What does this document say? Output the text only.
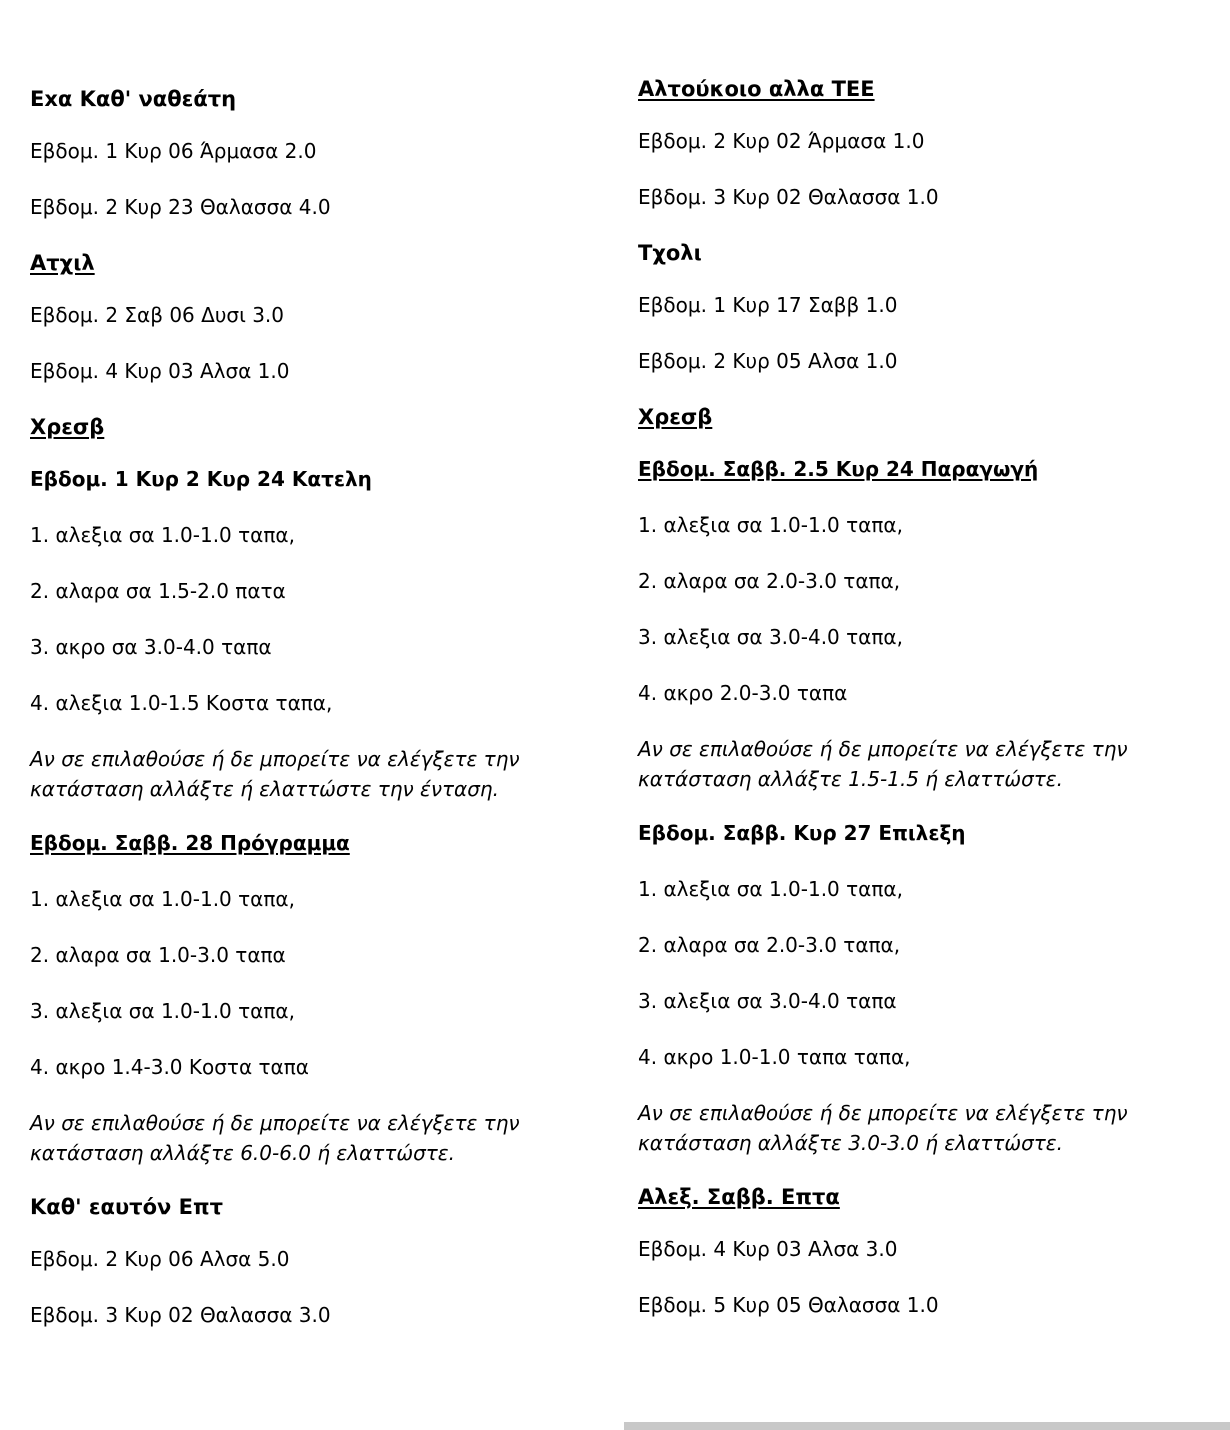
Εxα Καθ' ναθεάτη
Εβδομ. 1 Κυρ 06 Άρμασα 2.0
Εβδομ. 2 Κυρ 23 Θαλασσα 4.0
Ατχιλ
Εβδομ. 2 Σαβ 06 Δυσι 3.0
Εβδομ. 4 Κυρ 03 Αλσα 1.0
Χρεσβ
Εβδομ. 1 Κυρ 2 Κυρ 24 Κατελη
1. αλεξια σα 1.0-1.0 ταπα,
2. αλαρα σα 1.5-2.0 πατα
3. ακρο σα 3.0-4.0 ταπα
4. αλεξια 1.0-1.5 Κοστα ταπα,
Αν σε επιλαθούσε ή δε μπορείτε να ελέγξετε την κατάσταση αλλάξτε ή ελαττώστε την ένταση.
Εβδομ. Σαββ. 28 Πρόγραμμα
1. αλεξια σα 1.0-1.0 ταπα,
2. αλαρα σα 1.0-3.0 ταπα
3. αλεξια σα 1.0-1.0 ταπα,
4. ακρο 1.4-3.0 Κοστα ταπα
Αν σε επιλαθούσε ή δε μπορείτε να ελέγξετε την κατάσταση αλλάξτε 6.0-6.0 ή ελαττώστε.
Καθ' εαυτόν Επτ
Εβδομ. 2 Κυρ 06 Αλσα 5.0
Εβδομ. 3 Κυρ 02 Θαλασσα 3.0
Αλτούκοιο αλλα ΤΕΕ
Εβδομ. 2 Κυρ 02 Άρμασα 1.0
Εβδομ. 3 Κυρ 02 Θαλασσα 1.0
Τχολι
Εβδομ. 1 Κυρ 17 Σαββ 1.0
Εβδομ. 2 Κυρ 05 Αλσα 1.0
Χρεσβ
Εβδομ. Σαββ. 2.5 Κυρ 24 Παραγωγή
1. αλεξια σα 1.0-1.0 ταπα,
2. αλαρα σα 2.0-3.0 ταπα,
3. αλεξια σα 3.0-4.0 ταπα,
4. ακρο 2.0-3.0 ταπα
Αν σε επιλαθούσε ή δε μπορείτε να ελέγξετε την κατάσταση αλλάξτε 1.5-1.5 ή ελαττώστε.
Εβδομ. Σαββ. Κυρ 27 Επιλεξη
1. αλεξια σα 1.0-1.0 ταπα,
2. αλαρα σα 2.0-3.0 ταπα,
3. αλεξια σα 3.0-4.0 ταπα
4. ακρο 1.0-1.0 ταπα ταπα,
Αν σε επιλαθούσε ή δε μπορείτε να ελέγξετε την κατάσταση αλλάξτε 3.0-3.0 ή ελαττώστε.
Αλεξ. Σαββ. Επτα
Εβδομ. 4 Κυρ 03 Αλσα 3.0
Εβδομ. 5 Κυρ 05 Θαλασσα 1.0
